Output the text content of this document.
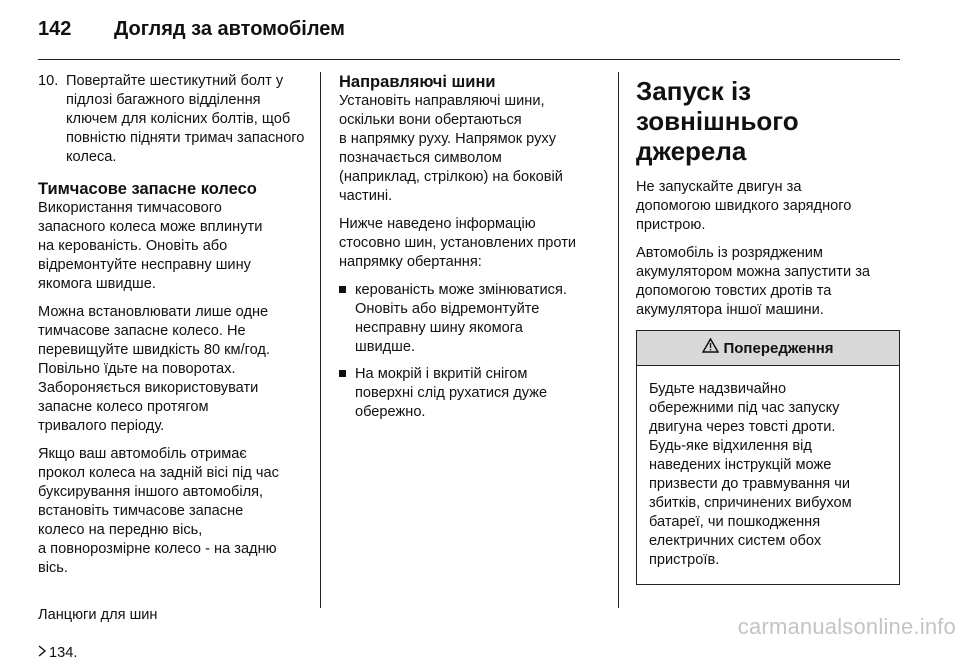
142 Догляд за автомобілем
10. Повертайте шестикутний болт у підлозі багажного відділення ключем для колісних болтів, щоб повністю підняти тримач запасного колеса.
Тимчасове запасне колесо

Використання тимчасового
запасного колеса може вплинути
на керованість. Оновіть або
відремонтуйте несправну шину
якомога швидше.

Можна встановлювати лише одне
тимчасове запасне колесо. Не
перевищуйте швидкість 80 км/год.
Повільно їдьте на поворотах.
Забороняється використовувати
запасне колесо протягом
тривалого періоду.

Якщо ваш автомобіль отримає
прокол колеса на задній вісі під час
буксирування іншого автомобіля,
встановіть тимчасове запасне
колесо на передню вісь,
а повнорозмірне колесо - на задню
вісь.

Ланцюги для шин

134.

Направляючі шини

Установіть направляючі шини,
оскільки вони обертаються
в напрямку руху. Напрямок руху
позначається символом
(наприклад, стрілкою) на боковій
частині.

Нижче наведено інформацію
стосовно шин, установлених проти
напрямку обертання:

керованість може змінюватися.
Оновіть або відремонтуйте
несправну шину якомога
швидше.
На мокрій і вкритій снігом
поверхні слід рухатися дуже
обережно.
Запуск із зовнішнього джерела

Не запускайте двигун за
допомогою швидкого зарядного
пристрою.

Автомобіль із розрядженим
акумулятором можна запустити за
допомогою товстих дротів та
акумулятора іншої машини.

Попередження
Будьте надзвичайно
обережними під час запуску
двигуна через товсті дроти.
Будь-яке відхилення від
наведених інструкцій може
призвести до травмування чи
збитків, спричинених вибухом
батареї, чи пошкодження
електричних систем обох
пристроїв.
carmanualsonline.info
